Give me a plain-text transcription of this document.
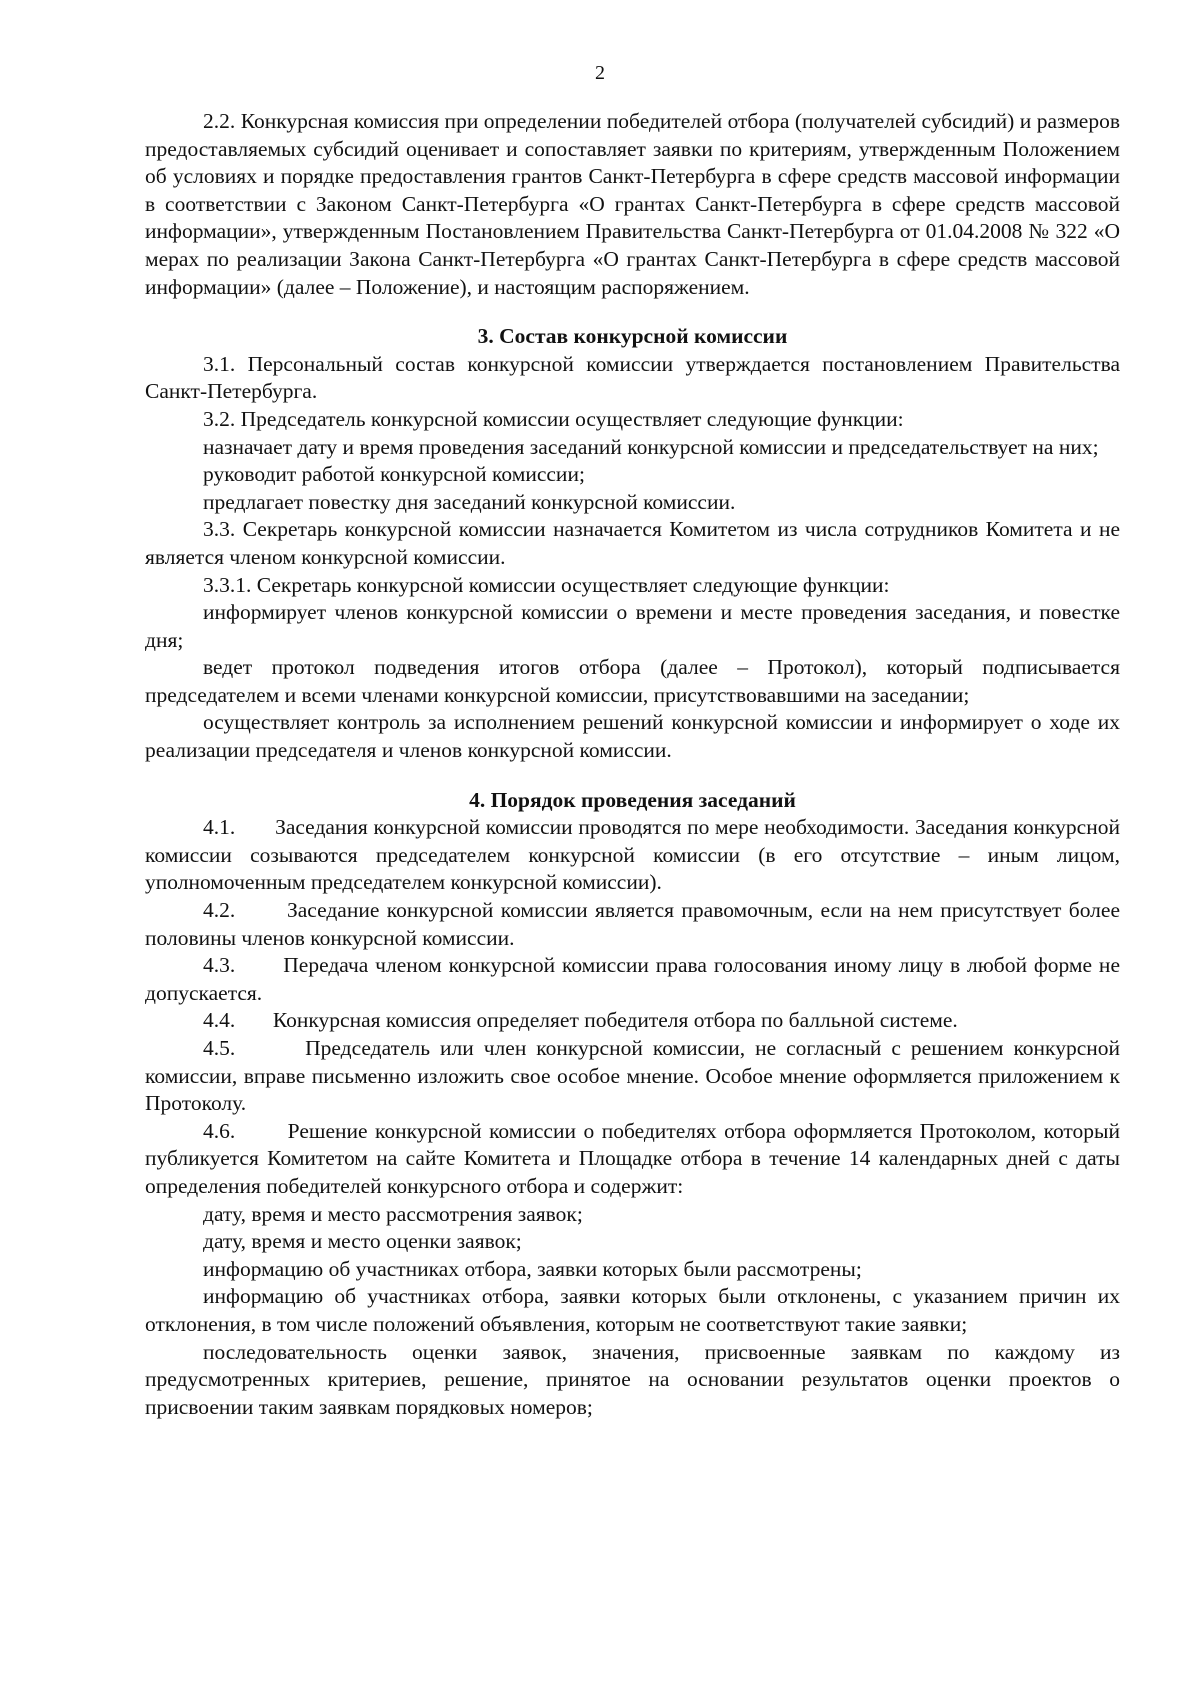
2

2.2. Конкурсная комиссия при определении победителей отбора (получателей субсидий) и размеров предоставляемых субсидий оценивает и сопоставляет заявки по критериям, утвержденным Положением об условиях и порядке предоставления грантов Санкт-Петербурга в сфере средств массовой информации в соответствии с Законом Санкт-Петербурга «О грантах Санкт-Петербурга в сфере средств массовой информации», утвержденным Постановлением Правительства Санкт-Петербурга от 01.04.2008 № 322 «О мерах по реализации Закона Санкт-Петербурга «О грантах Санкт-Петербурга в сфере средств массовой информации» (далее – Положение), и настоящим распоряжением.

3. Состав конкурсной комиссии

3.1. Персональный состав конкурсной комиссии утверждается постановлением Правительства Санкт-Петербурга.

3.2. Председатель конкурсной комиссии осуществляет следующие функции:

назначает дату и время проведения заседаний конкурсной комиссии и председательствует на них;

руководит работой конкурсной комиссии;

предлагает повестку дня заседаний конкурсной комиссии.

3.3. Секретарь конкурсной комиссии назначается Комитетом из числа сотрудников Комитета и не является членом конкурсной комиссии.

3.3.1. Секретарь конкурсной комиссии осуществляет следующие функции:

информирует членов конкурсной комиссии о времени и месте проведения заседания, и повестке дня;

ведет протокол подведения итогов отбора (далее – Протокол), который подписывается председателем и всеми членами конкурсной комиссии, присутствовавшими на заседании;

осуществляет контроль за исполнением решений конкурсной комиссии и информирует о ходе их реализации председателя и членов конкурсной комиссии.

4. Порядок проведения заседаний

4.1.       Заседания конкурсной комиссии проводятся по мере необходимости. Заседания конкурсной комиссии созываются председателем конкурсной комиссии (в его отсутствие – иным лицом, уполномоченным председателем конкурсной комиссии).

4.2.       Заседание конкурсной комиссии является правомочным, если на нем присутствует более половины членов конкурсной комиссии.

4.3.       Передача членом конкурсной комиссии права голосования иному лицу в любой форме не допускается.

4.4.       Конкурсная комиссия определяет победителя отбора по балльной системе.

4.5.       Председатель или член конкурсной комиссии, не согласный с решением конкурсной комиссии, вправе письменно изложить свое особое мнение. Особое мнение оформляется приложением к Протоколу.

4.6.       Решение конкурсной комиссии о победителях отбора оформляется Протоколом, который публикуется Комитетом на сайте Комитета и Площадке отбора в течение 14 календарных дней с даты определения победителей конкурсного отбора и содержит:

дату, время и место рассмотрения заявок;

дату, время и место оценки заявок;

информацию об участниках отбора, заявки которых были рассмотрены;

информацию об участниках отбора, заявки которых были отклонены, с указанием причин их отклонения, в том числе положений объявления, которым не соответствуют такие заявки;

последовательность оценки заявок, значения, присвоенные заявкам по каждому из предусмотренных критериев, решение, принятое на основании результатов оценки проектов о присвоении таким заявкам порядковых номеров;
